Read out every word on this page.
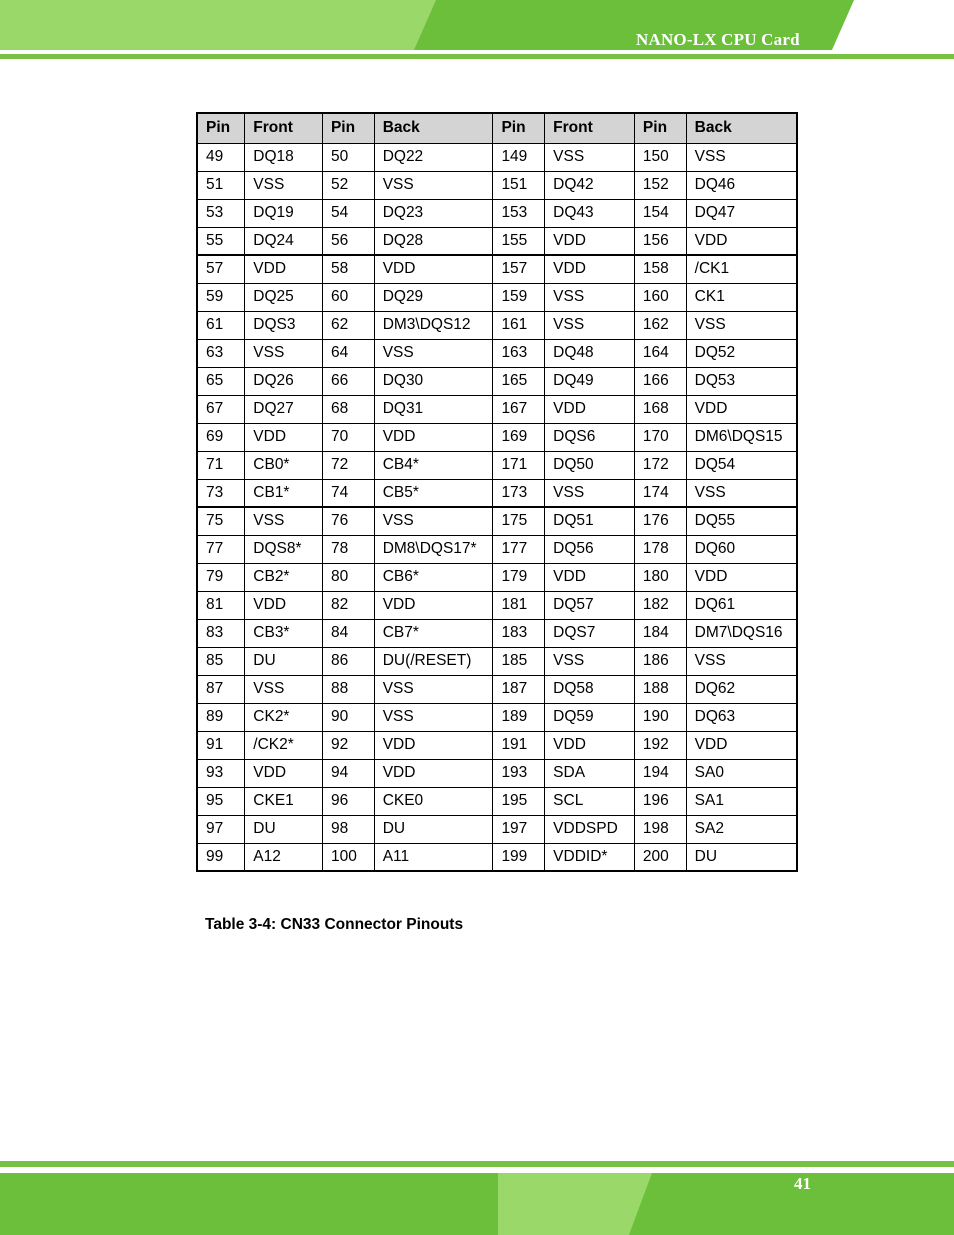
NANO-LX CPU Card
Pin	Front	Pin	Back	Pin	Front	Pin	Back
49	DQ18	50	DQ22	149	VSS	150	VSS
51	VSS	52	VSS	151	DQ42	152	DQ46
53	DQ19	54	DQ23	153	DQ43	154	DQ47
55	DQ24	56	DQ28	155	VDD	156	VDD
57	VDD	58	VDD	157	VDD	158	/CK1
59	DQ25	60	DQ29	159	VSS	160	CK1
61	DQS3	62	DM3\DQS12	161	VSS	162	VSS
63	VSS	64	VSS	163	DQ48	164	DQ52
65	DQ26	66	DQ30	165	DQ49	166	DQ53
67	DQ27	68	DQ31	167	VDD	168	VDD
69	VDD	70	VDD	169	DQS6	170	DM6\DQS15
71	CB0*	72	CB4*	171	DQ50	172	DQ54
73	CB1*	74	CB5*	173	VSS	174	VSS
75	VSS	76	VSS	175	DQ51	176	DQ55
77	DQS8*	78	DM8\DQS17*	177	DQ56	178	DQ60
79	CB2*	80	CB6*	179	VDD	180	VDD
81	VDD	82	VDD	181	DQ57	182	DQ61
83	CB3*	84	CB7*	183	DQS7	184	DM7\DQS16
85	DU	86	DU(/RESET)	185	VSS	186	VSS
87	VSS	88	VSS	187	DQ58	188	DQ62
89	CK2*	90	VSS	189	DQ59	190	DQ63
91	/CK2*	92	VDD	191	VDD	192	VDD
93	VDD	94	VDD	193	SDA	194	SA0
95	CKE1	96	CKE0	195	SCL	196	SA1
97	DU	98	DU	197	VDDSPD	198	SA2
99	A12	100	A11	199	VDDID*	200	DU
Table 3-4: CN33 Connector Pinouts
41
